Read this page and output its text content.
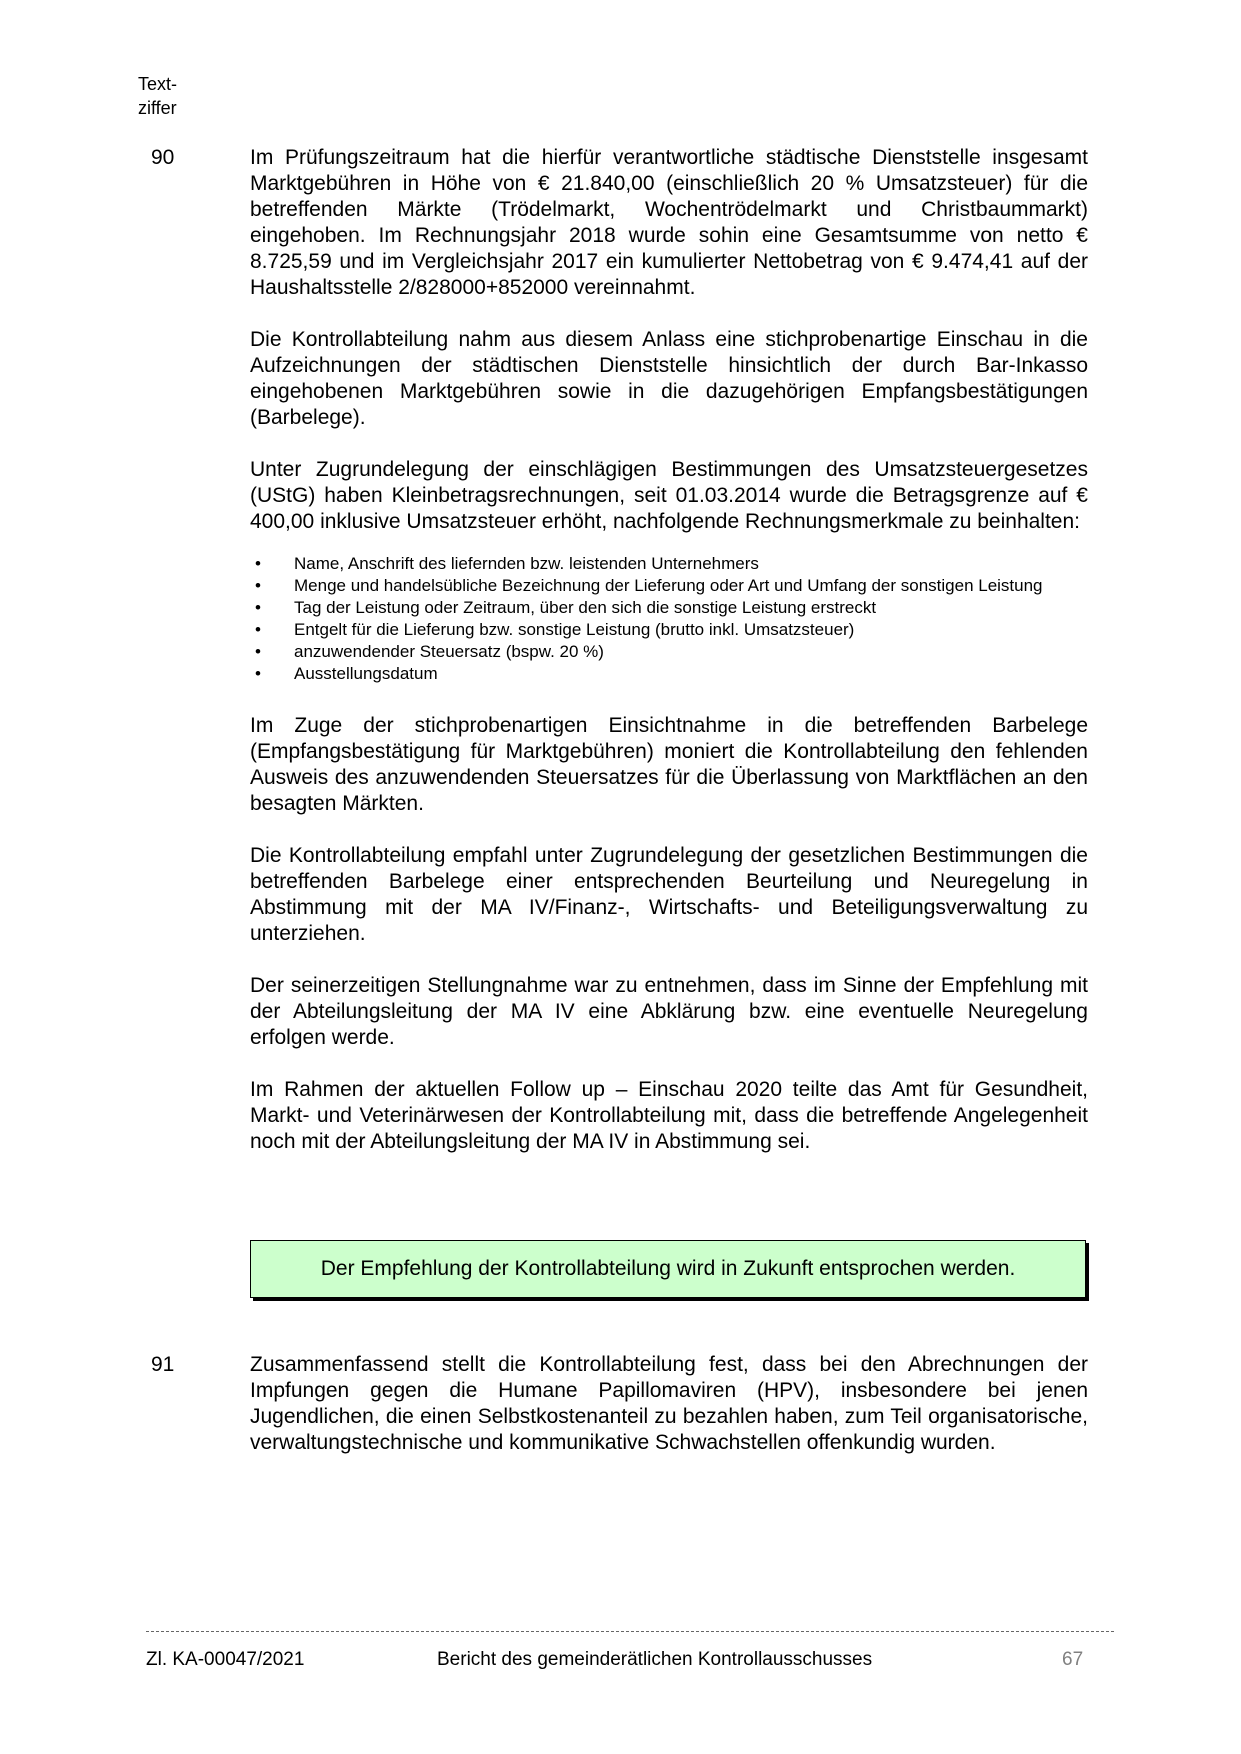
Text-
ziffer
90	Im Prüfungszeitraum hat die hierfür verantwortliche städtische Dienststelle insgesamt Marktgebühren in Höhe von € 21.840,00 (einschließlich 20 % Umsatzsteuer) für die betreffenden Märkte (Trödelmarkt, Wochentrödelmarkt und Christbaummarkt) eingehoben. Im Rechnungsjahr 2018 wurde sohin eine Gesamtsumme von netto € 8.725,59 und im Vergleichsjahr 2017 ein kumulierter Nettobetrag von € 9.474,41 auf der Haushaltsstelle 2/828000+852000 vereinnahmt.

Die Kontrollabteilung nahm aus diesem Anlass eine stichprobenartige Einschau in die Aufzeichnungen der städtischen Dienststelle hinsichtlich der durch Bar-Inkasso eingehobenen Marktgebühren sowie in die dazugehörigen Empfangsbestätigungen (Barbelege).

Unter Zugrundelegung der einschlägigen Bestimmungen des Umsatzsteuergesetzes (UStG) haben Kleinbetragsrechnungen, seit 01.03.2014 wurde die Betragsgrenze auf € 400,00 inklusive Umsatzsteuer erhöht, nachfolgende Rechnungsmerkmale zu beinhalten:

• Name, Anschrift des liefernden bzw. leistenden Unternehmers
• Menge und handelsübliche Bezeichnung der Lieferung oder Art und Umfang der sonstigen Leistung
• Tag der Leistung oder Zeitraum, über den sich die sonstige Leistung erstreckt
• Entgelt für die Lieferung bzw. sonstige Leistung (brutto inkl. Umsatzsteuer)
• anzuwendender Steuersatz (bspw. 20 %)
• Ausstellungsdatum

Im Zuge der stichprobenartigen Einsichtnahme in die betreffenden Barbelege (Empfangsbestätigung für Marktgebühren) moniert die Kontrollabteilung den fehlenden Ausweis des anzuwendenden Steuersatzes für die Überlassung von Marktflächen an den besagten Märkten.

Die Kontrollabteilung empfahl unter Zugrundelegung der gesetzlichen Bestimmungen die betreffenden Barbelege einer entsprechenden Beurteilung und Neuregelung in Abstimmung mit der MA IV/Finanz-, Wirtschafts- und Beteiligungsverwaltung zu unterziehen.

Der seinerzeitigen Stellungnahme war zu entnehmen, dass im Sinne der Empfehlung mit der Abteilungsleitung der MA IV eine Abklärung bzw. eine eventuelle Neuregelung erfolgen werde.

Im Rahmen der aktuellen Follow up – Einschau 2020 teilte das Amt für Gesundheit, Markt- und Veterinärwesen der Kontrollabteilung mit, dass die betreffende Angelegenheit noch mit der Abteilungsleitung der MA IV in Abstimmung sei.

Der Empfehlung der Kontrollabteilung wird in Zukunft entsprochen werden.
91	Zusammenfassend stellt die Kontrollabteilung fest, dass bei den Abrechnungen der Impfungen gegen die Humane Papillomaviren (HPV), insbesondere bei jenen Jugendlichen, die einen Selbstkostenanteil zu bezahlen haben, zum Teil organisatorische, verwaltungstechnische und kommunikative Schwachstellen offenkundig wurden.

Zl. KA-00047/2021	Bericht des gemeinderätlichen Kontrollausschusses	67
